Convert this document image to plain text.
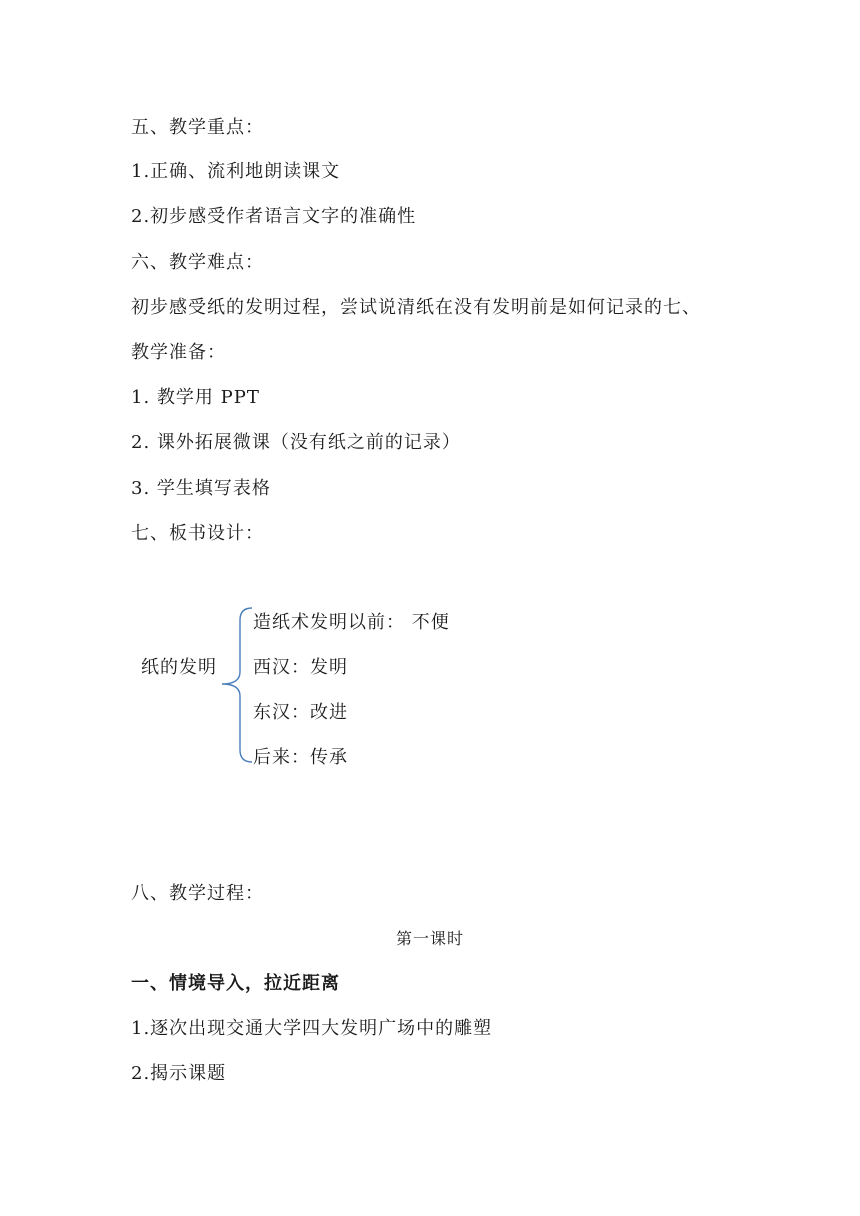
五、教学重点：
1.正确、流利地朗读课文
2.初步感受作者语言文字的准确性
六、教学难点：
初步感受纸的发明过程，尝试说清纸在没有发明前是如何记录的七、
教学准备：
1. 教学用 PPT
2. 课外拓展微课（没有纸之前的记录）
3. 学生填写表格
七、板书设计：
纸的发明
造纸术发明以前： 不便
西汉：发明
东汉：改进
后来：传承
八、教学过程：
第一课时
一、情境导入，拉近距离
1.逐次出现交通大学四大发明广场中的雕塑
2.揭示课题
